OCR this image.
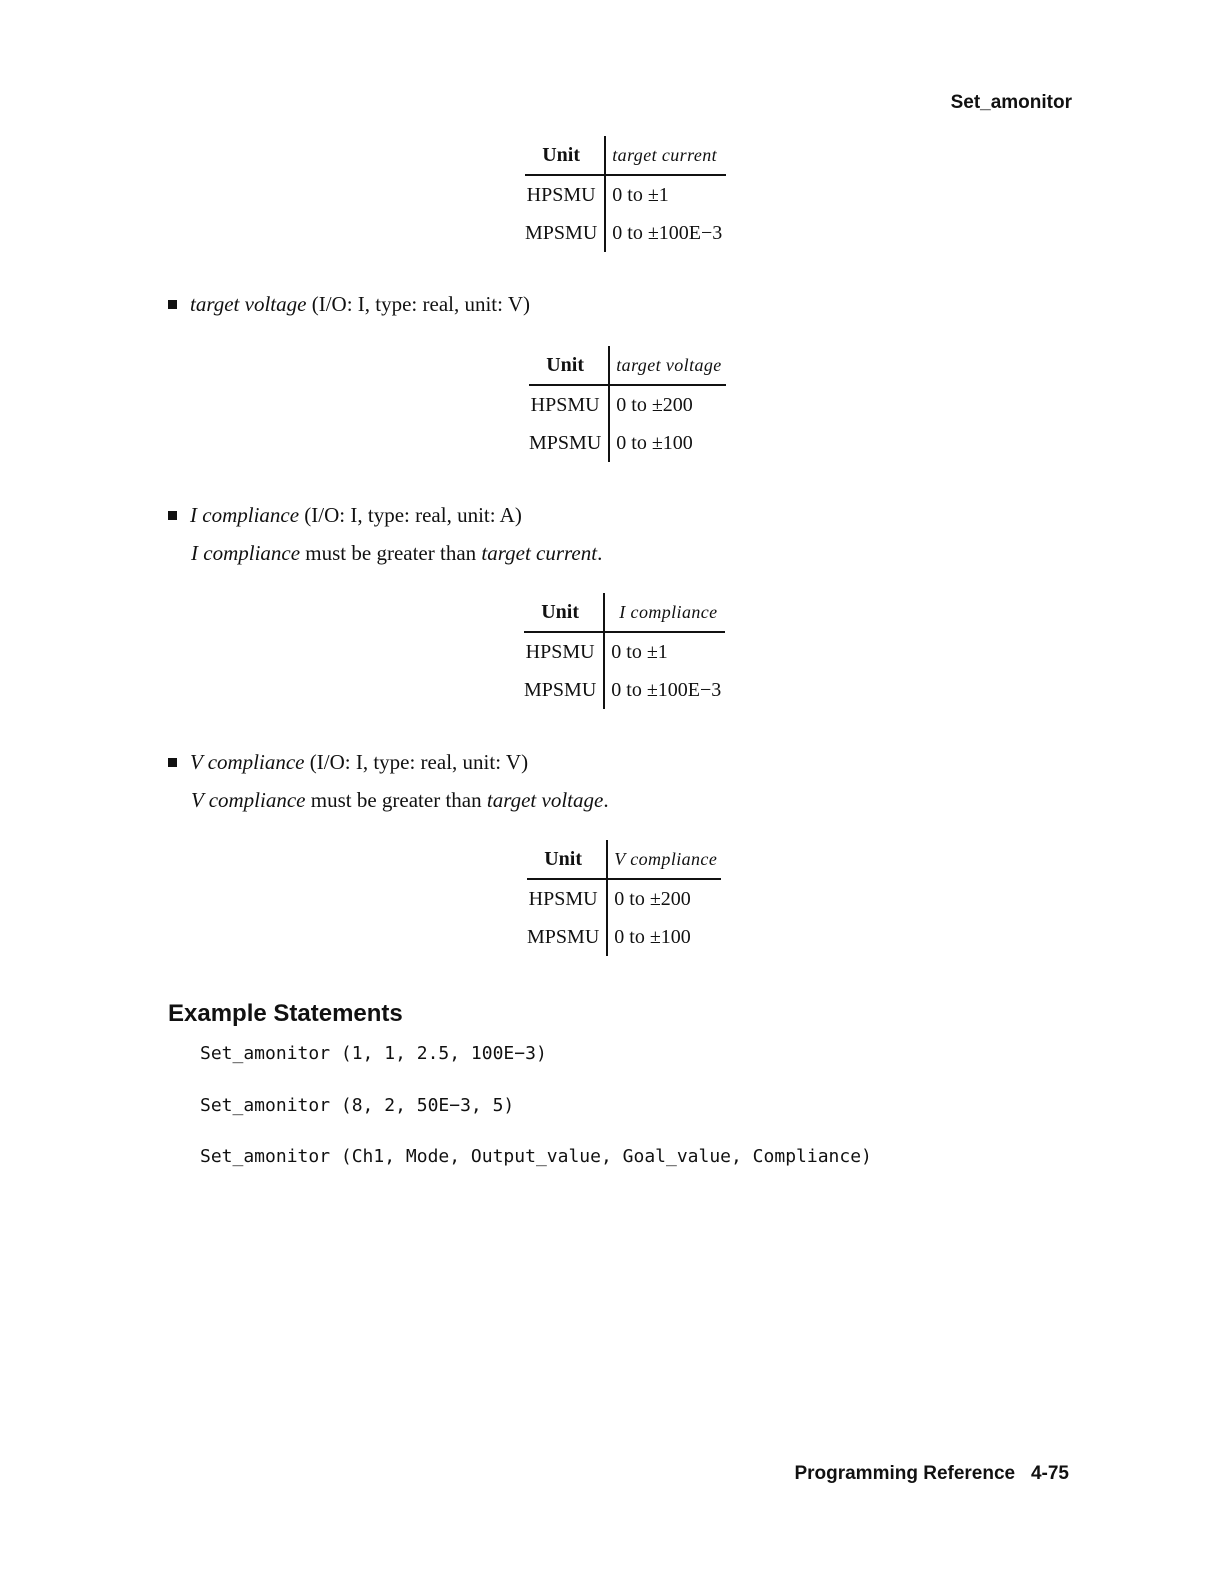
Set_amonitor
Unit	target current
HPSMU	0 to ±1
MPSMU	0 to ±100E−3
target voltage (I/O: I, type: real, unit: V)
Unit	target voltage
HPSMU	0 to ±200
MPSMU	0 to ±100
I compliance (I/O: I, type: real, unit: A)
I compliance must be greater than target current.
Unit	I compliance
HPSMU	0 to ±1
MPSMU	0 to ±100E−3
V compliance (I/O: I, type: real, unit: V)
V compliance must be greater than target voltage.
Unit	V compliance
HPSMU	0 to ±200
MPSMU	0 to ±100
Example Statements
Set_amonitor (1, 1, 2.5, 100E−3)
Set_amonitor (8, 2, 50E−3, 5)
Set_amonitor (Ch1, Mode, Output_value, Goal_value, Compliance)
Programming Reference 4-75
